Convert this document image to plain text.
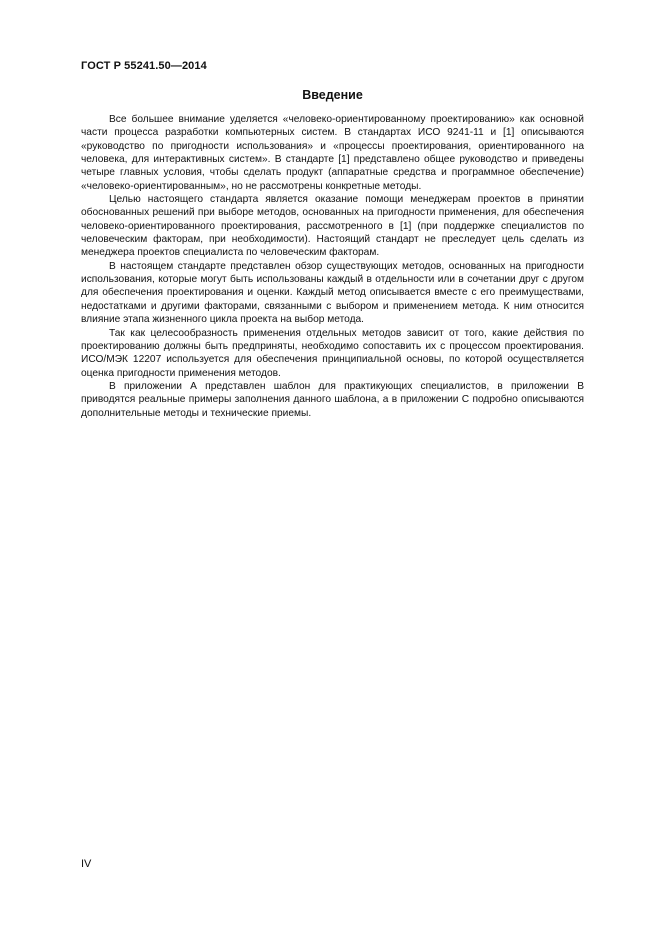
ГОСТ Р 55241.50—2014
Введение

Все большее внимание уделяется «человеко-ориентированному проектированию» как основной части процесса разработки компьютерных систем. В стандартах ИСО 9241-11 и [1] описываются «руководство по пригодности использования» и «процессы проектирования, ориентированного на человека, для интерактивных систем». В стандарте [1] представлено общее руководство и приведены четыре главных условия, чтобы сделать продукт (аппаратные средства и программное обеспечение) «человеко-ориентированным», но не рассмотрены конкретные методы.

Целью настоящего стандарта является оказание помощи менеджерам проектов в принятии обоснованных решений при выборе методов, основанных на пригодности применения, для обеспечения человеко-ориентированного проектирования, рассмотренного в [1] (при поддержке специалистов по человеческим факторам, при необходимости). Настоящий стандарт не преследует цель сделать из менеджера проектов специалиста по человеческим факторам.

В настоящем стандарте представлен обзор существующих методов, основанных на пригодности использования, которые могут быть использованы каждый в отдельности или в сочетании друг с другом для обеспечения проектирования и оценки. Каждый метод описывается вместе с его преимуществами, недостатками и другими факторами, связанными с выбором и применением метода. К ним относится влияние этапа жизненного цикла проекта на выбор метода.

Так как целесообразность применения отдельных методов зависит от того, какие действия по проектированию должны быть предприняты, необходимо сопоставить их с процессом проектирования. ИСО/МЭК 12207 используется для обеспечения принципиальной основы, по которой осуществляется оценка пригодности применения методов.

В приложении А представлен шаблон для практикующих специалистов, в приложении В приводятся реальные примеры заполнения данного шаблона, а в приложении С подробно описываются дополнительные методы и технические приемы.

IV
